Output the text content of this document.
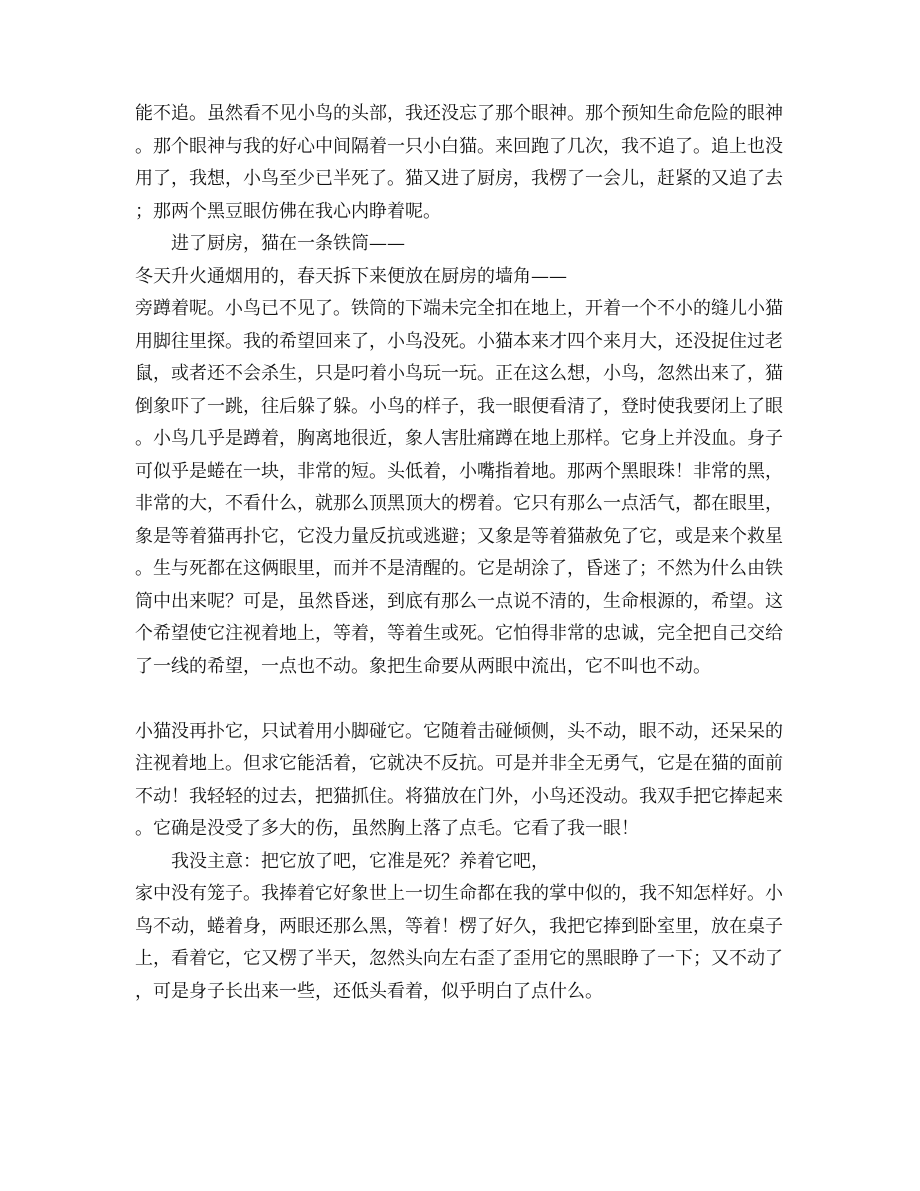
能不追。虽然看不见小鸟的头部，我还没忘了那个眼神。那个预知生命危险的眼神
。那个眼神与我的好心中间隔着一只小白猫。来回跑了几次，我不追了。追上也没
用了，我想，小鸟至少已半死了。猫又进了厨房，我楞了一会儿，赶紧的又追了去
；那两个黑豆眼仿佛在我心内睁着呢。
进了厨房，猫在一条铁筒——
冬天升火通烟用的，春天拆下来便放在厨房的墙角——
旁蹲着呢。小鸟已不见了。铁筒的下端未完全扣在地上，开着一个不小的缝儿小猫
用脚往里探。我的希望回来了，小鸟没死。小猫本来才四个来月大，还没捉住过老
鼠，或者还不会杀生，只是叼着小鸟玩一玩。正在这么想，小鸟，忽然出来了，猫
倒象吓了一跳，往后躲了躲。小鸟的样子，我一眼便看清了，登时使我要闭上了眼
。小鸟几乎是蹲着，胸离地很近，象人害肚痛蹲在地上那样。它身上并没血。身子
可似乎是蜷在一块，非常的短。头低着，小嘴指着地。那两个黑眼珠！非常的黑，
非常的大，不看什么，就那么顶黑顶大的楞着。它只有那么一点活气，都在眼里，
象是等着猫再扑它，它没力量反抗或逃避；又象是等着猫赦免了它，或是来个救星
。生与死都在这俩眼里，而并不是清醒的。它是胡涂了，昏迷了；不然为什么由铁
筒中出来呢？可是，虽然昏迷，到底有那么一点说不清的，生命根源的，希望。这
个希望使它注视着地上，等着，等着生或死。它怕得非常的忠诚，完全把自己交给
了一线的希望，一点也不动。象把生命要从两眼中流出，它不叫也不动。
小猫没再扑它，只试着用小脚碰它。它随着击碰倾侧，头不动，眼不动，还呆呆的
注视着地上。但求它能活着，它就决不反抗。可是并非全无勇气，它是在猫的面前
不动！我轻轻的过去，把猫抓住。将猫放在门外，小鸟还没动。我双手把它捧起来
。它确是没受了多大的伤，虽然胸上落了点毛。它看了我一眼！
我没主意：把它放了吧，它准是死？养着它吧，
家中没有笼子。我捧着它好象世上一切生命都在我的掌中似的，我不知怎样好。小
鸟不动，蜷着身，两眼还那么黑，等着！楞了好久，我把它捧到卧室里，放在桌子
上，看着它，它又楞了半天，忽然头向左右歪了歪用它的黑眼睁了一下；又不动了
，可是身子长出来一些，还低头看着，似乎明白了点什么。
